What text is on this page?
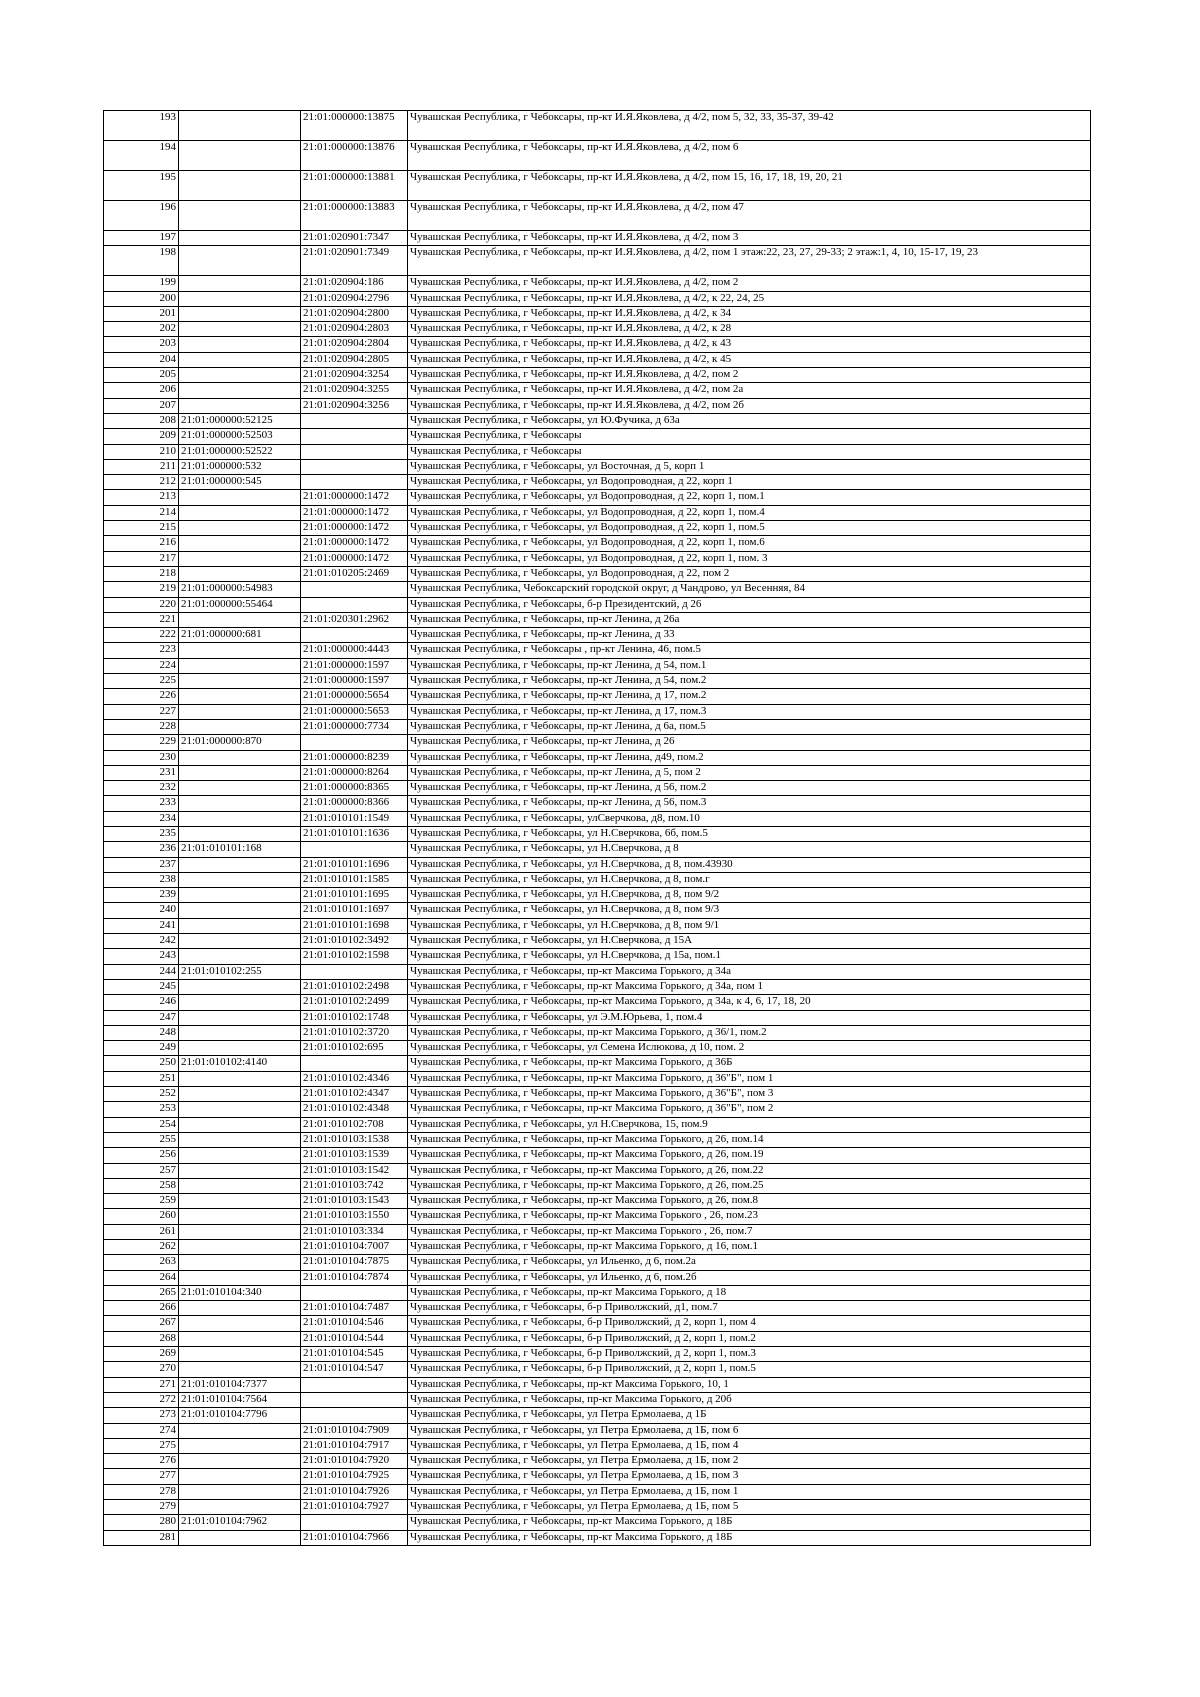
193		21:01:000000:13875	Чувашская Республика, г Чебоксары, пр-кт И.Я.Яковлева, д 4/2, пом 5, 32, 33, 35-37, 39-42
194		21:01:000000:13876	Чувашская Республика, г Чебоксары, пр-кт И.Я.Яковлева, д 4/2, пом 6
195		21:01:000000:13881	Чувашская Республика, г Чебоксары, пр-кт И.Я.Яковлева, д 4/2, пом 15, 16, 17, 18, 19, 20, 21
196		21:01:000000:13883	Чувашская Республика, г Чебоксары, пр-кт И.Я.Яковлева, д 4/2, пом 47
197		21:01:020901:7347	Чувашская Республика, г Чебоксары, пр-кт И.Я.Яковлева, д 4/2, пом 3
198		21:01:020901:7349	Чувашская Республика, г Чебоксары, пр-кт И.Я.Яковлева, д 4/2, пом 1 этаж:22, 23, 27, 29-33; 2 этаж:1, 4, 10, 15-17, 19, 23
199		21:01:020904:186	Чувашская Республика, г Чебоксары, пр-кт И.Я.Яковлева, д 4/2, пом 2
200		21:01:020904:2796	Чувашская Республика, г Чебоксары, пр-кт И.Я.Яковлева, д 4/2, к 22, 24, 25
201		21:01:020904:2800	Чувашская Республика, г Чебоксары, пр-кт И.Я.Яковлева, д 4/2, к 34
202		21:01:020904:2803	Чувашская Республика, г Чебоксары, пр-кт И.Я.Яковлева, д 4/2, к 28
203		21:01:020904:2804	Чувашская Республика, г Чебоксары, пр-кт И.Я.Яковлева, д 4/2, к 43
204		21:01:020904:2805	Чувашская Республика, г Чебоксары, пр-кт И.Я.Яковлева, д 4/2, к 45
205		21:01:020904:3254	Чувашская Республика, г Чебоксары, пр-кт И.Я.Яковлева, д 4/2, пом 2
206		21:01:020904:3255	Чувашская Республика, г Чебоксары, пр-кт И.Я.Яковлева, д 4/2, пом 2а
207		21:01:020904:3256	Чувашская Республика, г Чебоксары, пр-кт И.Я.Яковлева, д 4/2, пом 2б
208	21:01:000000:52125		Чувашская Республика, г Чебоксары, ул Ю.Фучика, д 63а
209	21:01:000000:52503		Чувашская Республика, г Чебоксары
210	21:01:000000:52522		Чувашская Республика, г Чебоксары
211	21:01:000000:532		Чувашская Республика, г Чебоксары, ул Восточная, д 5, корп 1
212	21:01:000000:545		Чувашская Республика, г Чебоксары, ул Водопроводная, д 22, корп 1
213		21:01:000000:1472	Чувашская Республика, г Чебоксары, ул Водопроводная, д 22, корп 1, пом.1
214		21:01:000000:1472	Чувашская Республика, г Чебоксары, ул Водопроводная, д 22, корп 1, пом.4
215		21:01:000000:1472	Чувашская Республика, г Чебоксары, ул Водопроводная, д 22, корп 1, пом.5
216		21:01:000000:1472	Чувашская Республика, г Чебоксары, ул Водопроводная, д 22, корп 1, пом.6
217		21:01:000000:1472	Чувашская Республика, г Чебоксары, ул Водопроводная, д 22, корп 1, пом. 3
218		21:01:010205:2469	Чувашская Республика, г Чебоксары, ул Водопроводная, д 22, пом 2
219	21:01:000000:54983		Чувашская Республика, Чебоксарский городской округ, д Чандрово, ул Весенняя, 84
220	21:01:000000:55464		Чувашская Республика, г Чебоксары, б-р Президентский, д 26
221		21:01:020301:2962	Чувашская Республика, г Чебоксары, пр-кт Ленина, д 26а
222	21:01:000000:681		Чувашская Республика, г Чебоксары, пр-кт Ленина, д 33
223		21:01:000000:4443	Чувашская Республика, г Чебоксары , пр-кт Ленина, 46, пом.5
224		21:01:000000:1597	Чувашская Республика, г Чебоксары, пр-кт Ленина, д 54, пом.1
225		21:01:000000:1597	Чувашская Республика, г Чебоксары, пр-кт Ленина, д 54, пом.2
226		21:01:000000:5654	Чувашская Республика, г Чебоксары, пр-кт Ленина, д 17, пом.2
227		21:01:000000:5653	Чувашская Республика, г Чебоксары, пр-кт Ленина, д 17, пом.3
228		21:01:000000:7734	Чувашская Республика, г Чебоксары, пр-кт Ленина, д 6а, пом.5
229	21:01:000000:870		Чувашская Республика, г Чебоксары, пр-кт Ленина, д 26
230		21:01:000000:8239	Чувашская Республика, г Чебоксары, пр-кт Ленина, д49, пом.2
231		21:01:000000:8264	Чувашская Республика, г Чебоксары, пр-кт Ленина, д 5, пом 2
232		21:01:000000:8365	Чувашская Республика, г Чебоксары, пр-кт Ленина, д 56, пом.2
233		21:01:000000:8366	Чувашская Республика, г Чебоксары, пр-кт Ленина, д 56, пом.3
234		21:01:010101:1549	Чувашская Республика, г Чебоксары, улСверчкова, д8, пом.10
235		21:01:010101:1636	Чувашская Республика, г Чебоксары, ул Н.Сверчкова, 6б, пом.5
236	21:01:010101:168		Чувашская Республика, г Чебоксары, ул Н.Сверчкова, д 8
237		21:01:010101:1696	Чувашская Республика, г Чебоксары, ул Н.Сверчкова, д 8, пом.43930
238		21:01:010101:1585	Чувашская Республика, г Чебоксары, ул Н.Сверчкова, д 8, пом.г
239		21:01:010101:1695	Чувашская Республика, г Чебоксары, ул Н.Сверчкова, д 8, пом 9/2
240		21:01:010101:1697	Чувашская Республика, г Чебоксары, ул Н.Сверчкова, д 8, пом 9/3
241		21:01:010101:1698	Чувашская Республика, г Чебоксары, ул Н.Сверчкова, д 8, пом 9/1
242		21:01:010102:3492	Чувашская Республика, г Чебоксары, ул Н.Сверчкова, д 15А
243		21:01:010102:1598	Чувашская Республика, г Чебоксары, ул Н.Сверчкова, д 15а, пом.1
244	21:01:010102:255		Чувашская Республика, г Чебоксары, пр-кт Максима Горького, д 34а
245		21:01:010102:2498	Чувашская Республика, г Чебоксары, пр-кт Максима Горького, д 34а, пом 1
246		21:01:010102:2499	Чувашская Республика, г Чебоксары, пр-кт Максима Горького, д 34а, к 4, 6, 17, 18, 20
247		21:01:010102:1748	Чувашская Республика, г Чебоксары, ул Э.М.Юрьева, 1, пом.4
248		21:01:010102:3720	Чувашская Республика, г Чебоксары, пр-кт Максима Горького, д 36/1, пом.2
249		21:01:010102:695	Чувашская Республика, г Чебоксары, ул Семена Ислюкова, д 10, пом. 2
250	21:01:010102:4140		Чувашская Республика, г Чебоксары, пр-кт Максима Горького, д 36Б
251		21:01:010102:4346	Чувашская Республика, г Чебоксары, пр-кт Максима Горького, д 36"Б", пом 1
252		21:01:010102:4347	Чувашская Республика, г Чебоксары, пр-кт Максима Горького, д 36"Б", пом 3
253		21:01:010102:4348	Чувашская Республика, г Чебоксары, пр-кт Максима Горького, д 36"Б", пом 2
254		21:01:010102:708	Чувашская Республика, г Чебоксары, ул Н.Сверчкова, 15, пом.9
255		21:01:010103:1538	Чувашская Республика, г Чебоксары, пр-кт Максима Горького, д 26, пом.14
256		21:01:010103:1539	Чувашская Республика, г Чебоксары, пр-кт Максима Горького, д 26, пом.19
257		21:01:010103:1542	Чувашская Республика, г Чебоксары, пр-кт Максима Горького, д 26, пом.22
258		21:01:010103:742	Чувашская Республика, г Чебоксары, пр-кт Максима Горького, д 26, пом.25
259		21:01:010103:1543	Чувашская Республика, г Чебоксары, пр-кт Максима Горького, д 26, пом.8
260		21:01:010103:1550	Чувашская Республика, г Чебоксары, пр-кт Максима Горького , 26, пом.23
261		21:01:010103:334	Чувашская Республика, г Чебоксары, пр-кт Максима Горького , 26, пом.7
262		21:01:010104:7007	Чувашская Республика, г Чебоксары, пр-кт Максима Горького, д 16, пом.1
263		21:01:010104:7875	Чувашская Республика, г Чебоксары, ул Ильенко, д 6, пом.2а
264		21:01:010104:7874	Чувашская Республика, г Чебоксары, ул Ильенко, д 6, пом.2б
265	21:01:010104:340		Чувашская Республика, г Чебоксары, пр-кт Максима Горького, д 18
266		21:01:010104:7487	Чувашская Республика, г Чебоксары, б-р Приволжский, д1, пом.7
267		21:01:010104:546	Чувашская Республика, г Чебоксары, б-р Приволжский, д 2, корп 1, пом 4
268		21:01:010104:544	Чувашская Республика, г Чебоксары, б-р Приволжский, д 2, корп 1, пом.2
269		21:01:010104:545	Чувашская Республика, г Чебоксары, б-р Приволжский, д 2, корп 1, пом.3
270		21:01:010104:547	Чувашская Республика, г Чебоксары, б-р Приволжский, д 2, корп 1, пом.5
271	21:01:010104:7377		Чувашская Республика, г Чебоксары, пр-кт Максима Горького, 10, 1
272	21:01:010104:7564		Чувашская Республика, г Чебоксары, пр-кт Максима Горького, д 20б
273	21:01:010104:7796		Чувашская Республика, г Чебоксары, ул Петра Ермолаева, д 1Б
274		21:01:010104:7909	Чувашская Республика, г Чебоксары, ул Петра Ермолаева, д 1Б, пом 6
275		21:01:010104:7917	Чувашская Республика, г Чебоксары, ул Петра Ермолаева, д 1Б, пом 4
276		21:01:010104:7920	Чувашская Республика, г Чебоксары, ул Петра Ермолаева, д 1Б, пом 2
277		21:01:010104:7925	Чувашская Республика, г Чебоксары, ул Петра Ермолаева, д 1Б, пом 3
278		21:01:010104:7926	Чувашская Республика, г Чебоксары, ул Петра Ермолаева, д 1Б, пом 1
279		21:01:010104:7927	Чувашская Республика, г Чебоксары, ул Петра Ермолаева, д 1Б, пом 5
280	21:01:010104:7962		Чувашская Республика, г Чебоксары, пр-кт Максима Горького, д 18Б
281		21:01:010104:7966	Чувашская Республика, г Чебоксары, пр-кт Максима Горького, д 18Б
